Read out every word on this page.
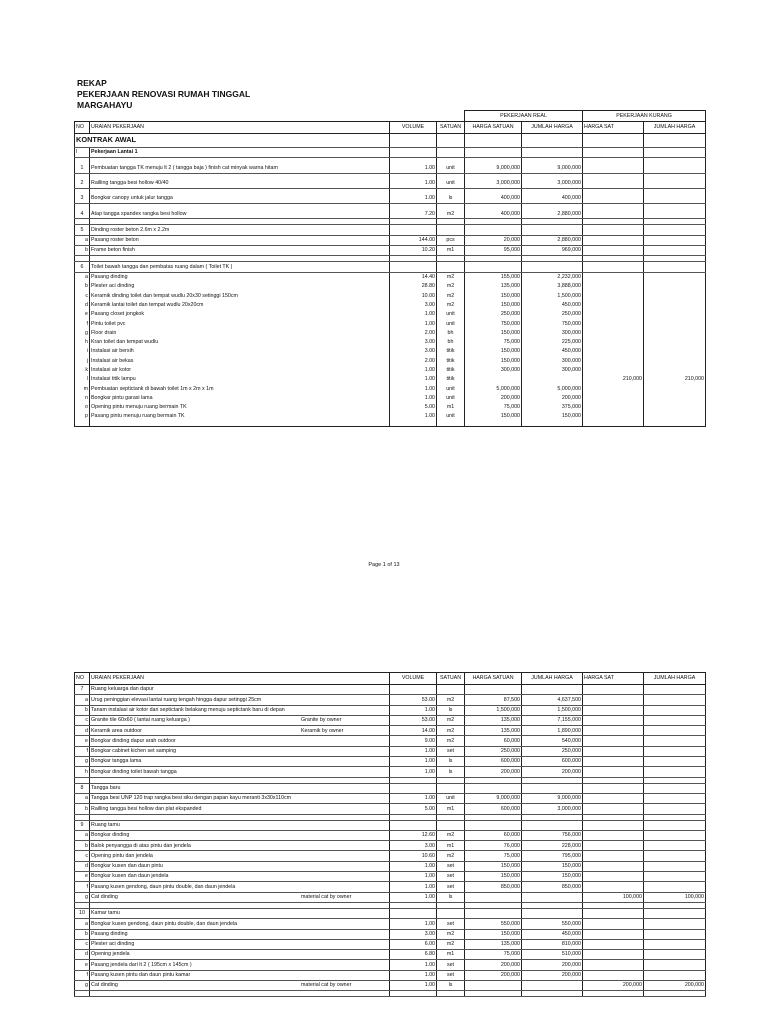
REKAP
PEKERJAAN RENOVASI RUMAH TINGGAL
MARGAHAYU
				PEKERJAAN REAL		PEKERJAAN KURANG	
NO	URAIAN PEKERJAAN	VOLUME	SATUAN	HARGA SATUAN	JUMLAH HARGA	HARGA SAT	JUMLAH HARGA
KONTRAK AWAL							
I	Pekerjaan Lantai 1						

1	Pembuatan tangga TK menuju lt 2 ( tangga baja ) finish cat minyak warna hitam	1.00	unit	9,000,000	9,000,000		

2	Railling tangga besi hollow 40/40	1.00	unit	3,000,000	3,000,000		

3	Bongkar canopy untuk jalur tangga	1.00	ls	400,000	400,000		

4	Atap tangga spandex rangka besi hollow	7.20	m2	400,000	2,880,000		

5	Dinding roster beton 2.6m x 2.2m						
a	Pasang roster beton	144.00	pcs	20,000	2,880,000		
b	Frame beton finish	10.20	m1	95,000	969,000		

6	Toilet bawah tangga dan pembatas ruang dalam ( Toilet TK )						
a	Pasang dinding	14.40	m2	155,000	2,232,000		
b	Plester aci dinding	28.80	m2	135,000	3,888,000		
c	Keramik dinding toilet dan tempat wudlu 20x30 setinggi 150cm	10.00	m2	150,000	1,500,000		
d	Keramik lantai toilet dan tempat wudlu 20x20cm	3.00	m2	150,000	450,000		
e	Pasang closet jongkok	1.00	unit	250,000	250,000		
f	Pintu toilet pvc	1.00	unit	750,000	750,000		
g	Floor drain	2.00	bh	150,000	300,000		
h	Kran toilet dan tempat wudlu	3.00	bh	75,000	225,000		
i	Instalasi air bersih	3.00	titik	150,000	450,000		
j	Instalasi air bekas	2.00	titik	150,000	300,000		
k	Instalasi air kotor	1.00	titik	300,000	300,000		
l	Instalasi titik lampu	1.00	titik			210,000	210,000
m	Pembuatan septictank di bawah toilet 1m x 2m x 1m	1.00	unit	5,000,000	5,000,000		
n	Bongkar pintu garasi lama	1.00	unit	200,000	200,000		
o	Opening pintu menuju ruang bermain TK	5.00	m1	75,000	375,000		
p	Pasang pintu menuju ruang bermain TK	1.00	unit	150,000	150,000		

Page 1 of 13
NO	URAIAN PEKERJAAN	VOLUME	SATUAN	HARGA SATUAN	JUMLAH HARGA	HARGA SAT	JUMLAH HARGA
7	Ruang keluarga dan dapur						
a	Urug peninggian elevasi lantai ruang tengah hingga dapur setinggi 25cm	53.00	m2	87,500	4,637,500		
b	Tanam instalasi air kotor dari septictank belakang menuju septictank baru di depan	1.00	ls	1,500,000	1,500,000		
c	Granite tile 60x60 ( lantai ruang keluarga ) Granite by owner	53.00	m2	135,000	7,155,000		
d	Keramik area outdoor Keramik by owner	14.00	m2	135,000	1,890,000		
e	Bongkar dinding dapur arah outdoor	9.00	m2	60,000	540,000		
f	Bongkar cabinet kichen set samping	1.00	set	250,000	250,000		
g	Bongkar tangga lama	1.00	ls	600,000	600,000		
h	Bongkar dinding toilet bawah tangga	1.00	ls	200,000	200,000		

8	Tangga baru						
a	Tangga besi UNP 120 trap rangka besi siku dengan papan kayu meranti 3x30x110cm	1.00	unit	9,000,000	9,000,000		
b	Railling tangga besi hollow dan plat ekspanded	5.00	m1	600,000	3,000,000		

9	Ruang tamu						
a	Bongkar dinding	12.60	m2	60,000	756,000		
b	Balok penyangga di atas pintu dan jendela	3.00	m1	76,000	228,000		
c	Opening pintu dan jendela	10.60	m2	75,000	795,000		
d	Bongkar kusen dan daun pintu	1.00	set	150,000	150,000		
e	Bongkar kusen dan daun jendela	1.00	set	150,000	150,000		
f	Pasang kusen gendong, daun pintu double, dan daun jendela	1.00	set	850,000	850,000		
g	Cat dinding material cat by owner	1.00	ls			100,000	100,000

10	Kamar tamu						
a	Bongkar kusen gendong, daun pintu double, dan daun jendela	1.00	set	550,000	550,000		
b	Pasang dinding	3.00	m2	150,000	450,000		
c	Plester aci dinding	6.00	m2	135,000	810,000		
d	Opening jendela	6.80	m1	75,000	510,000		
e	Pasang jendela dari lt 2 ( 195cm x 145cm )	1.00	set	200,000	200,000		
f	Pasang kusen pintu dan daun pintu kamar	1.00	set	200,000	200,000		
g	Cat dinding material cat by owner	1.00	ls			200,000	200,000
